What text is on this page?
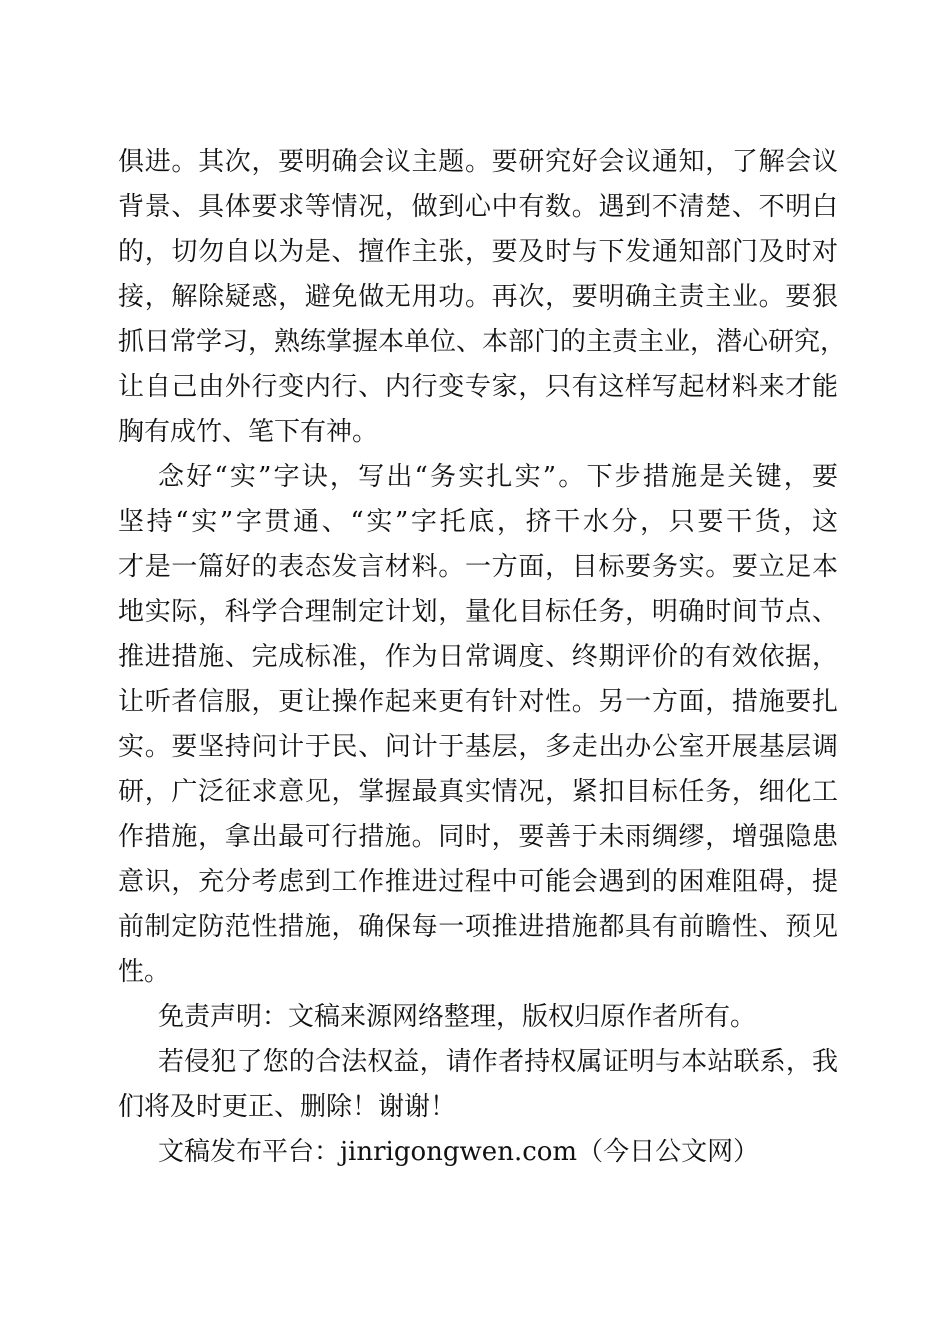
俱进。其次，要明确会议主题。要研究好会议通知，了解会议
背景、具体要求等情况，做到心中有数。遇到不清楚、不明白
的，切勿自以为是、擅作主张，要及时与下发通知部门及时对
接，解除疑惑，避免做无用功。再次，要明确主责主业。要狠
抓日常学习，熟练掌握本单位、本部门的主责主业，潜心研究，
让自己由外行变内行、内行变专家，只有这样写起材料来才能
胸有成竹、笔下有神。
念好“实”字诀，写出“务实扎实”。下步措施是关键，要
坚持“实”字贯通、“实”字托底，挤干水分，只要干货，这
才是一篇好的表态发言材料。一方面，目标要务实。要立足本
地实际，科学合理制定计划，量化目标任务，明确时间节点、
推进措施、完成标准，作为日常调度、终期评价的有效依据，
让听者信服，更让操作起来更有针对性。另一方面，措施要扎
实。要坚持问计于民、问计于基层，多走出办公室开展基层调
研，广泛征求意见，掌握最真实情况，紧扣目标任务，细化工
作措施，拿出最可行措施。同时，要善于未雨绸缪，增强隐患
意识，充分考虑到工作推进过程中可能会遇到的困难阻碍，提
前制定防范性措施，确保每一项推进措施都具有前瞻性、预见
性。
免责声明：文稿来源网络整理，版权归原作者所有。
若侵犯了您的合法权益，请作者持权属证明与本站联系，我
们将及时更正、删除！谢谢！
文稿发布平台：jinrigongwen.com（今日公文网）
